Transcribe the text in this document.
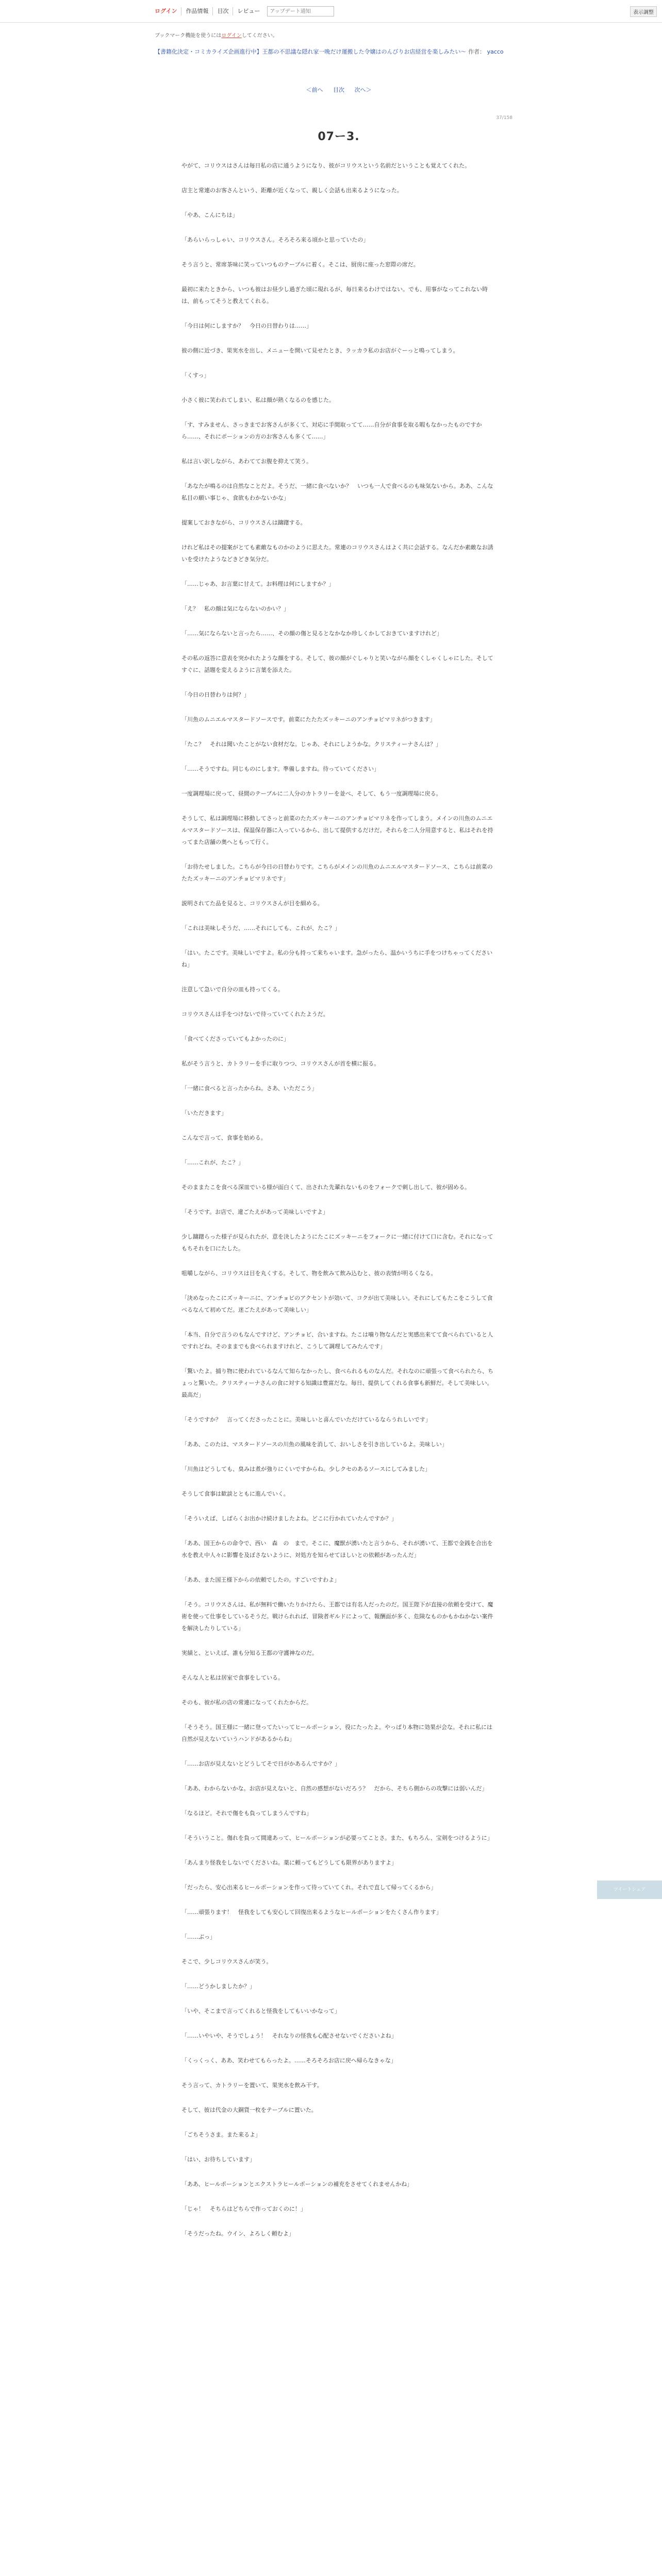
ログイン	作品情報	目次	レビュー
アップデート通知	表示調整
ブックマーク機能を使うにはログインしてください。
【書籍化決定・コミカライズ企画進行中】王都の不思議な隠れ家一晩だけ運搬した令嬢はのんびりお店経営を楽しみたい〜 作者： yacco
＜前へ 目次 次へ＞
37/158
07ー3.

やがて、コリウスはさんは毎日私の店に通うようになり、彼がコリウスという名前だということも覚えてくれた。

店主と常連のお客さんという、距離が近くなって、親しく会話も出来るようになった。

「やあ、こんにちは」

「あらいらっしゃい、コリウスさん。そろそろ来る頃かと思っていたの」

そう言うと、常席茶味に笑っていつものテーブルに着く。そこは、厨房に座った窓際の席だ。

最初に来たときから、いつも彼はお昼少し過ぎた頃に現れるが、毎日来るわけではない。でも、用事がなってこれない時は、前もってそうと教えてくれる。

「今日は何にしますか？　今日の日替わりは……」

彼の側に近づき、果実水を出し、メニューを開いて見せたとき、ラッカラ私のお店がぐーっと鳴ってしまう。

「くすっ」

小さく彼に笑われてしまい、私は顔が熱くなるのを感じた。

「す、すみません、さっきまでお客さんが多くて、対応に手間取ってて……自分が食事を取る暇もなかったものですから……、それにポーションの方のお客さんも多くて……」

私は言い訳しながら、あわててお腹を抑えて笑う。

「あなたが鳴るのは自然なことだよ。そうだ、一緒に食べないか？　いつも一人で食べるのも味気ないから。ああ、こんな私目の願い事じゃ、食欲もわかないかな」

提案しておきながら、コリウスさんは躊躇する。

けれど私はその提案がとても素敵なものかのように思えた。常連のコリウスさんはよく共に会話する。なんだか素敵なお誘いを受けたようなどきどき気分だ。

「……じゃあ、お言葉に甘えて。お料理は何にしますか？」

「え？　私の顔は気にならないのかい？」

「……気にならないと言ったら……、その顔の傷と見るとなかなか珍しくかしておきていますけれど」

その私の返答に意表を突かれたような顔をする。そして、彼の顔がぐしゃりと笑いながら顔をくしゃくしゃにした。そしてすぐに、話題を変えるように言葉を添えた。

「今日の日替わりは何？」

「川魚のムニエルマスタードソースです。前菜にたたたズッキーニのアンチョビマリネがつきます」

「たこ？　それは聞いたことがない食材だな。じゃあ、それにしようかな。クリスティーナさんは？」

「……そうですね。同じものにします。準備しますね。待っていてください」

一度調理場に戻って、昼間のテーブルに二人分のカトラリーを並べ、そして、もう一度調理場に戻る。

そうして、私は調理場に移動してさっと前菜のたたズッキーニのアンチョビマリネを作ってしまう。メインの川魚のムニエルマスタードソースは、保温保存器に入っているから、出して提供するだけだ。それらを二人分用意すると、私はそれを持ってまた店舗の奥へともって行く。

「お待たせしました。こちらが今日の日替わりです。こちらがメインの川魚のムニエルマスタードソース、こちらは前菜のたたズッキーニのアンチョビマリネです」

説明されてた品を見ると、コリウスさんが目を細める。

「これは美味しそうだ、……それにしても、これが、たこ？」

「はい。たこです。美味しいですよ。私の分も持って来ちゃいます。急がったら、温かいうちに手をつけちゃってくださいね」

注意して急いで自分の皿も持ってくる。

コリウスさんは手をつけないで待っていてくれたようだ。

「食べてくださっていてもよかったのに」

私がそう言うと、カトラリーを手に取りつつ、コリウスさんが首を横に振る。

「一緒に食べると言ったからね。さあ、いただこう」

「いただきます」

こんなで言って、食事を始める。

「……これが、たこ？」

そのままたこを食べる深皿でいる様が面白くて、出された先輩れないものをフォークで刺し出して、彼が固める。

「そうです。お店で、違ごたえがあって美味しいですよ」

少し躊躇らった様子が見られたが、意を決したようにたこにズッキーニをフォークに一緒に付けて口に含む。それになってもちそれを口にたした。

咀嚼しながら、コリウスは目を丸くする。そして、物を飲みて飲み込むと、彼の表情が明るくなる。

「決めなったこにズッキーニに、アンチョビのアクセントが効いて、コクが出て美味しい。それにしてもたこをこうして食べるなんて初めてだ。迷ごたえがあって美味しい」

「本当、自分で言うのもなんですけど、アンチョビ、合いますね。たこは噛り物なんだと実感出来てて食べられていると人ですれどね。そのままでも食べられますけれど、こうして調理してみたんです」

「驚いたよ。捕り物に使われているなんて知らなかったし、食べられるものなんだ。それなのに頑張って食べられたら、ちょっと驚いた。クリスティーナさんの食に対する知識は豊富だな。毎日、提供してくれる食事も新鮮だ。そして美味しい。最高だ」

「そうですか？　言ってくださったことに。美味しいと喜んでいただけているならうれしいです」

「ああ、このたは、マスタードソースの川魚の風味を消して、おいしさを引き出しているよ。美味しい」

「川魚はどうしても、臭みは煮が強りにくいですからね。少しクセのあるソースにしてみました」

そうして食事は歓談とともに進んでいく。

「そういえば、しばらくお出かけ続けましたよね。どこに行かれていたんですか？」

「ああ、国王からの命令で、西い　森　の　まで。そこに、魔獣が湧いたと言うから、それが湧いて、王都で金銭を合出を水を教え中人々に影響を及ぼさないように、対処方を知らせてほしいとの依頼があったんだ」

「ああ、また国王様下からの依頼でしたの。すごいですわよ」

「そう。コリウスさんは、私が無料で働いたりかけたら、王都では有名人だったのだ。国王陛下が直接の依頼を受けて、魔術を使って仕事をしているそうだ。戦けられれば、冒険者ギルドによって、報酬面が多く、危険なものかもかねかない案件を解決したりしている」

実績と、といえば、誰も分知る王都の守護神なのだ。

そんな人と私は居室で食事をしている。

そのも、彼が私の店の常連になってくれたからだ。

「そうそう。国王様に一緒に登ってたいってヒールポーション、役にたったよ。やっぱり本物に効果が会な。それに私には自然が見えないていうハンドがあるからね」

「……お店が見えないとどうしてそで日がかあるんですか？」

「ああ、わからないかな。お店が見えないと、自然の感想がないだろう？　だから、そちら側からの攻撃には弱いんだ」

「なるほど。それで傷をも負ってしまうんですね」

「そういうこと。傷れを負って間違あって、ヒールポーションが必要ってことさ。また、もちろん、宝剣をつけるように」

「あんまり怪我をしないでくださいね。薬に頼ってもどうしても限界がありますよ」

「だったら、安心出来るヒールポーションを作って待っていてくれ。それで直して帰ってくるから」

「……頑張ります！　怪我をしても安心して回復出来るようなヒールポーションをたくさん作ります」

「……ぶっ」

そこで、少しコリウスさんが笑う。

「……どうかしましたか？」

「いや、そこまで言ってくれると怪我をしてもいいかなって」

「……いやいや、そうでしょう！　それなりの怪我も心配させないでくださいよね」

「くっくっく、ああ、笑わせてもらったよ。……そろそろお店に戻へ帰らなきゃな」

そう言って、カトラリーを置いて、果実水を飲み干す。

そして、彼は代金の大銅貨一枚をテーブルに置いた。

「ごちそうさま。また来るよ」

「はい、お待ちしています」

「ああ、ヒールポーションとエクストラヒールポーションの補充をさせてくれませんかね」

「じゃ！　そちらはどちらで作っておくのに！」

「そうだったね。ウイン、よろしく頼むよ」

ツイートシェア
